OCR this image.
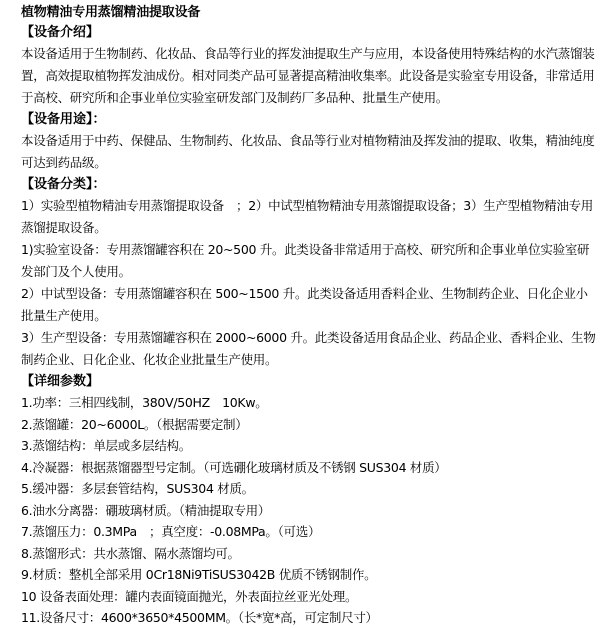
植物精油专用蒸馏精油提取设备

【设备介绍】

本设备适用于生物制药、化妆品、食品等行业的挥发油提取生产与应用，本设备使用特殊结构的水汽蒸馏装置，高效提取植物挥发油成份。相对同类产品可显著提高精油收集率。此设备是实验室专用设备，非常适用于高校、研究所和企事业单位实验室研发部门及制药厂多品种、批量生产使用。

【设备用途】：

本设备适用于中药、保健品、生物制药、化妆品、食品等行业对植物精油及挥发油的提取、收集，精油纯度可达到药品级。

【设备分类】：

1）实验型植物精油专用蒸馏提取设备　；2）中试型植物精油专用蒸馏提取设备；3）生产型植物精油专用蒸馏提取设备。

1)实验室设备：专用蒸馏罐容积在 20~500 升。此类设备非常适用于高校、研究所和企事业单位实验室研发部门及个人使用。

2）中试型设备：专用蒸馏罐容积在 500~1500 升。此类设备适用香料企业、生物制药企业、日化企业小批量生产使用。

3）生产型设备：专用蒸馏罐容积在 2000~6000 升。此类设备适用食品企业、药品企业、香料企业、生物制药企业、日化企业、化妆企业批量生产使用。

【详细参数】

1.功率：三相四线制，380V/50HZ　10Kw。

2.蒸馏罐：20~6000L。（根据需要定制）

3.蒸馏结构：单层或多层结构。

4.冷凝器：根据蒸馏器型号定制。（可选硼化玻璃材质及不锈钢 SUS304 材质）

5.缓冲器：多层套管结构，SUS304 材质。

6.油水分离器：硼玻璃材质。（精油提取专用）

7.蒸馏压力：0.3MPa　；真空度：-0.08MPa。（可选）

8.蒸馏形式：共水蒸馏、隔水蒸馏均可。

9.材质：整机全部采用 0Cr18Ni9TiSUS3042B 优质不锈钢制作。

10 设备表面处理：罐内表面镜面抛光，外表面拉丝亚光处理。

11.设备尺寸：4600*3650*4500MM。（长*宽*高，可定制尺寸）
